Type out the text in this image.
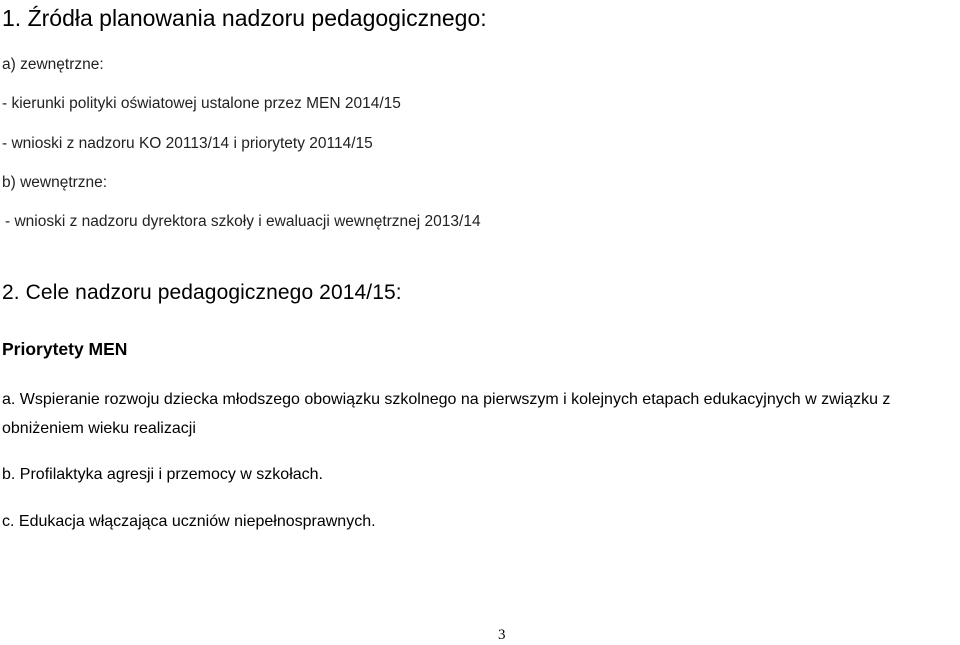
1. Źródła planowania nadzoru pedagogicznego:

a) zewnętrzne:

- kierunki polityki oświatowej ustalone przez MEN 2014/15

- wnioski z nadzoru KO 20113/14 i priorytety 20114/15

b) wewnętrzne:

- wnioski z nadzoru dyrektora szkoły i ewaluacji wewnętrznej 2013/14

2. Cele nadzoru pedagogicznego 2014/15:
Priorytety MEN

a. Wspieranie rozwoju dziecka młodszego obowiązku szkolnego na pierwszym i kolejnych etapach edukacyjnych w związku z

obniżeniem wieku realizacji

b. Profilaktyka agresji i przemocy w szkołach.

c. Edukacja włączająca uczniów niepełnosprawnych.

3
